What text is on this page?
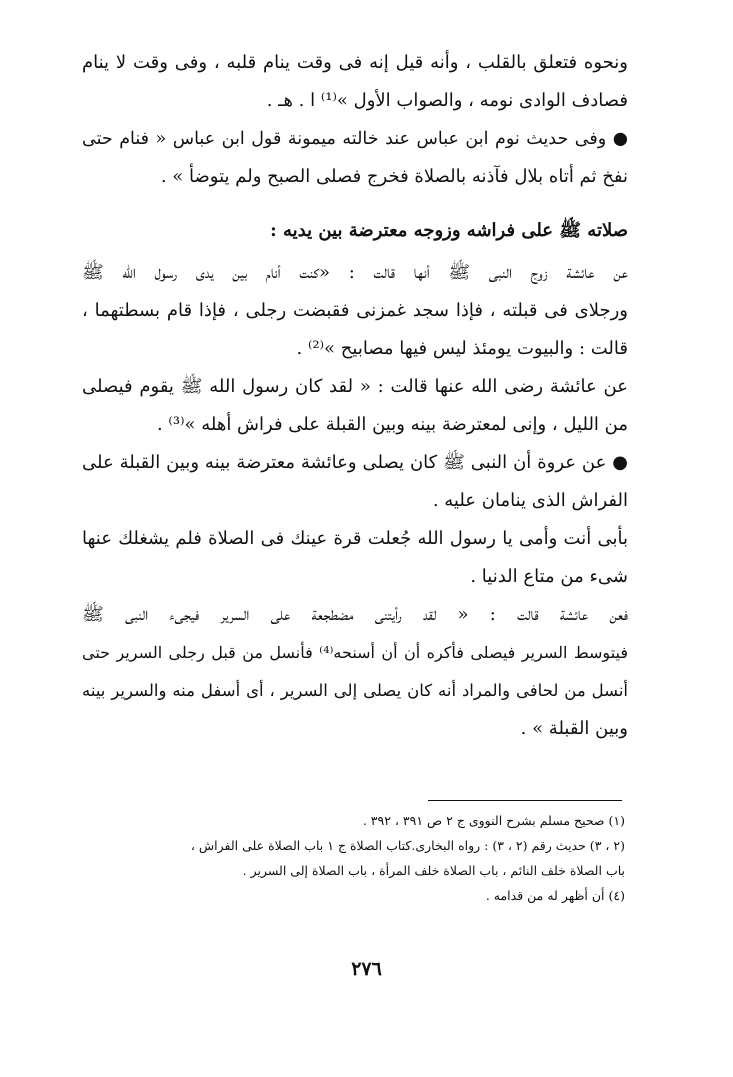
ونحوه فتعلق بالقلب ، وأنه قيل إنه فى وقت ينام قلبه ، وفى وقت لا ينام
فصادف الوادى نومه ، والصواب الأول »⁽¹⁾ ا . هـ .
● وفى حديث نوم ابن عباس عند خالته ميمونة قول ابن عباس « فنام حتى
نفخ ثم أتاه بلال فآذنه بالصلاة فخرج فصلى الصبح ولم يتوضأ » .
صلاته ﷺ على فراشه وزوجه معترضة بين يديه :
عن عائشة زوج النبى ﷺ أنها قالت : «كنت أنام بين يدى رسول الله ﷺ
ورجلاى فى قبلته ، فإذا سجد غمزنى فقبضت رجلى ، فإذا قام بسطتهما ،
قالت : والبيوت يومئذ ليس فيها مصابيح »⁽²⁾ .
عن عائشة رضى الله عنها قالت : « لقد كان رسول الله ﷺ يقوم فيصلى
من الليل ، وإنى لمعترضة بينه وبين القبلة على فراش أهله »⁽³⁾ .
● عن عروة أن النبى ﷺ كان يصلى وعائشة معترضة بينه وبين القبلة على
الفراش الذى ينامان عليه .
بأبى أنت وأمى يا رسول الله جُعلت قرة عينك فى الصلاة فلم يشغلك عنها
شىء من متاع الدنيا .
فعن عائشة قالت : « لقد رأيتنى مضطجعة على السرير فيجىء النبى ﷺ
فيتوسط السرير فيصلى فأكره أن أن أسنحه⁽⁴⁾ فأنسل من قبل رجلى السرير حتى
أنسل من لحافى والمراد أنه كان يصلى إلى السرير ، أى أسفل منه والسرير بينه
وبين القبلة » .
(١) صحيح مسلم بشرح النووى ج ٢ ص ٣٩١ ، ٣٩٢ .
(٢ ، ٣) حديث رقم (٢ ، ٣) : رواه البخارى.كتاب الصلاة ج ١ باب الصلاة على الفراش ،
باب الصلاة خلف النائم ، باب الصلاة خلف المرأة ، باب الصلاة إلى السرير .
(٤) أن أظهر له من قدامه .
٢٧٦
